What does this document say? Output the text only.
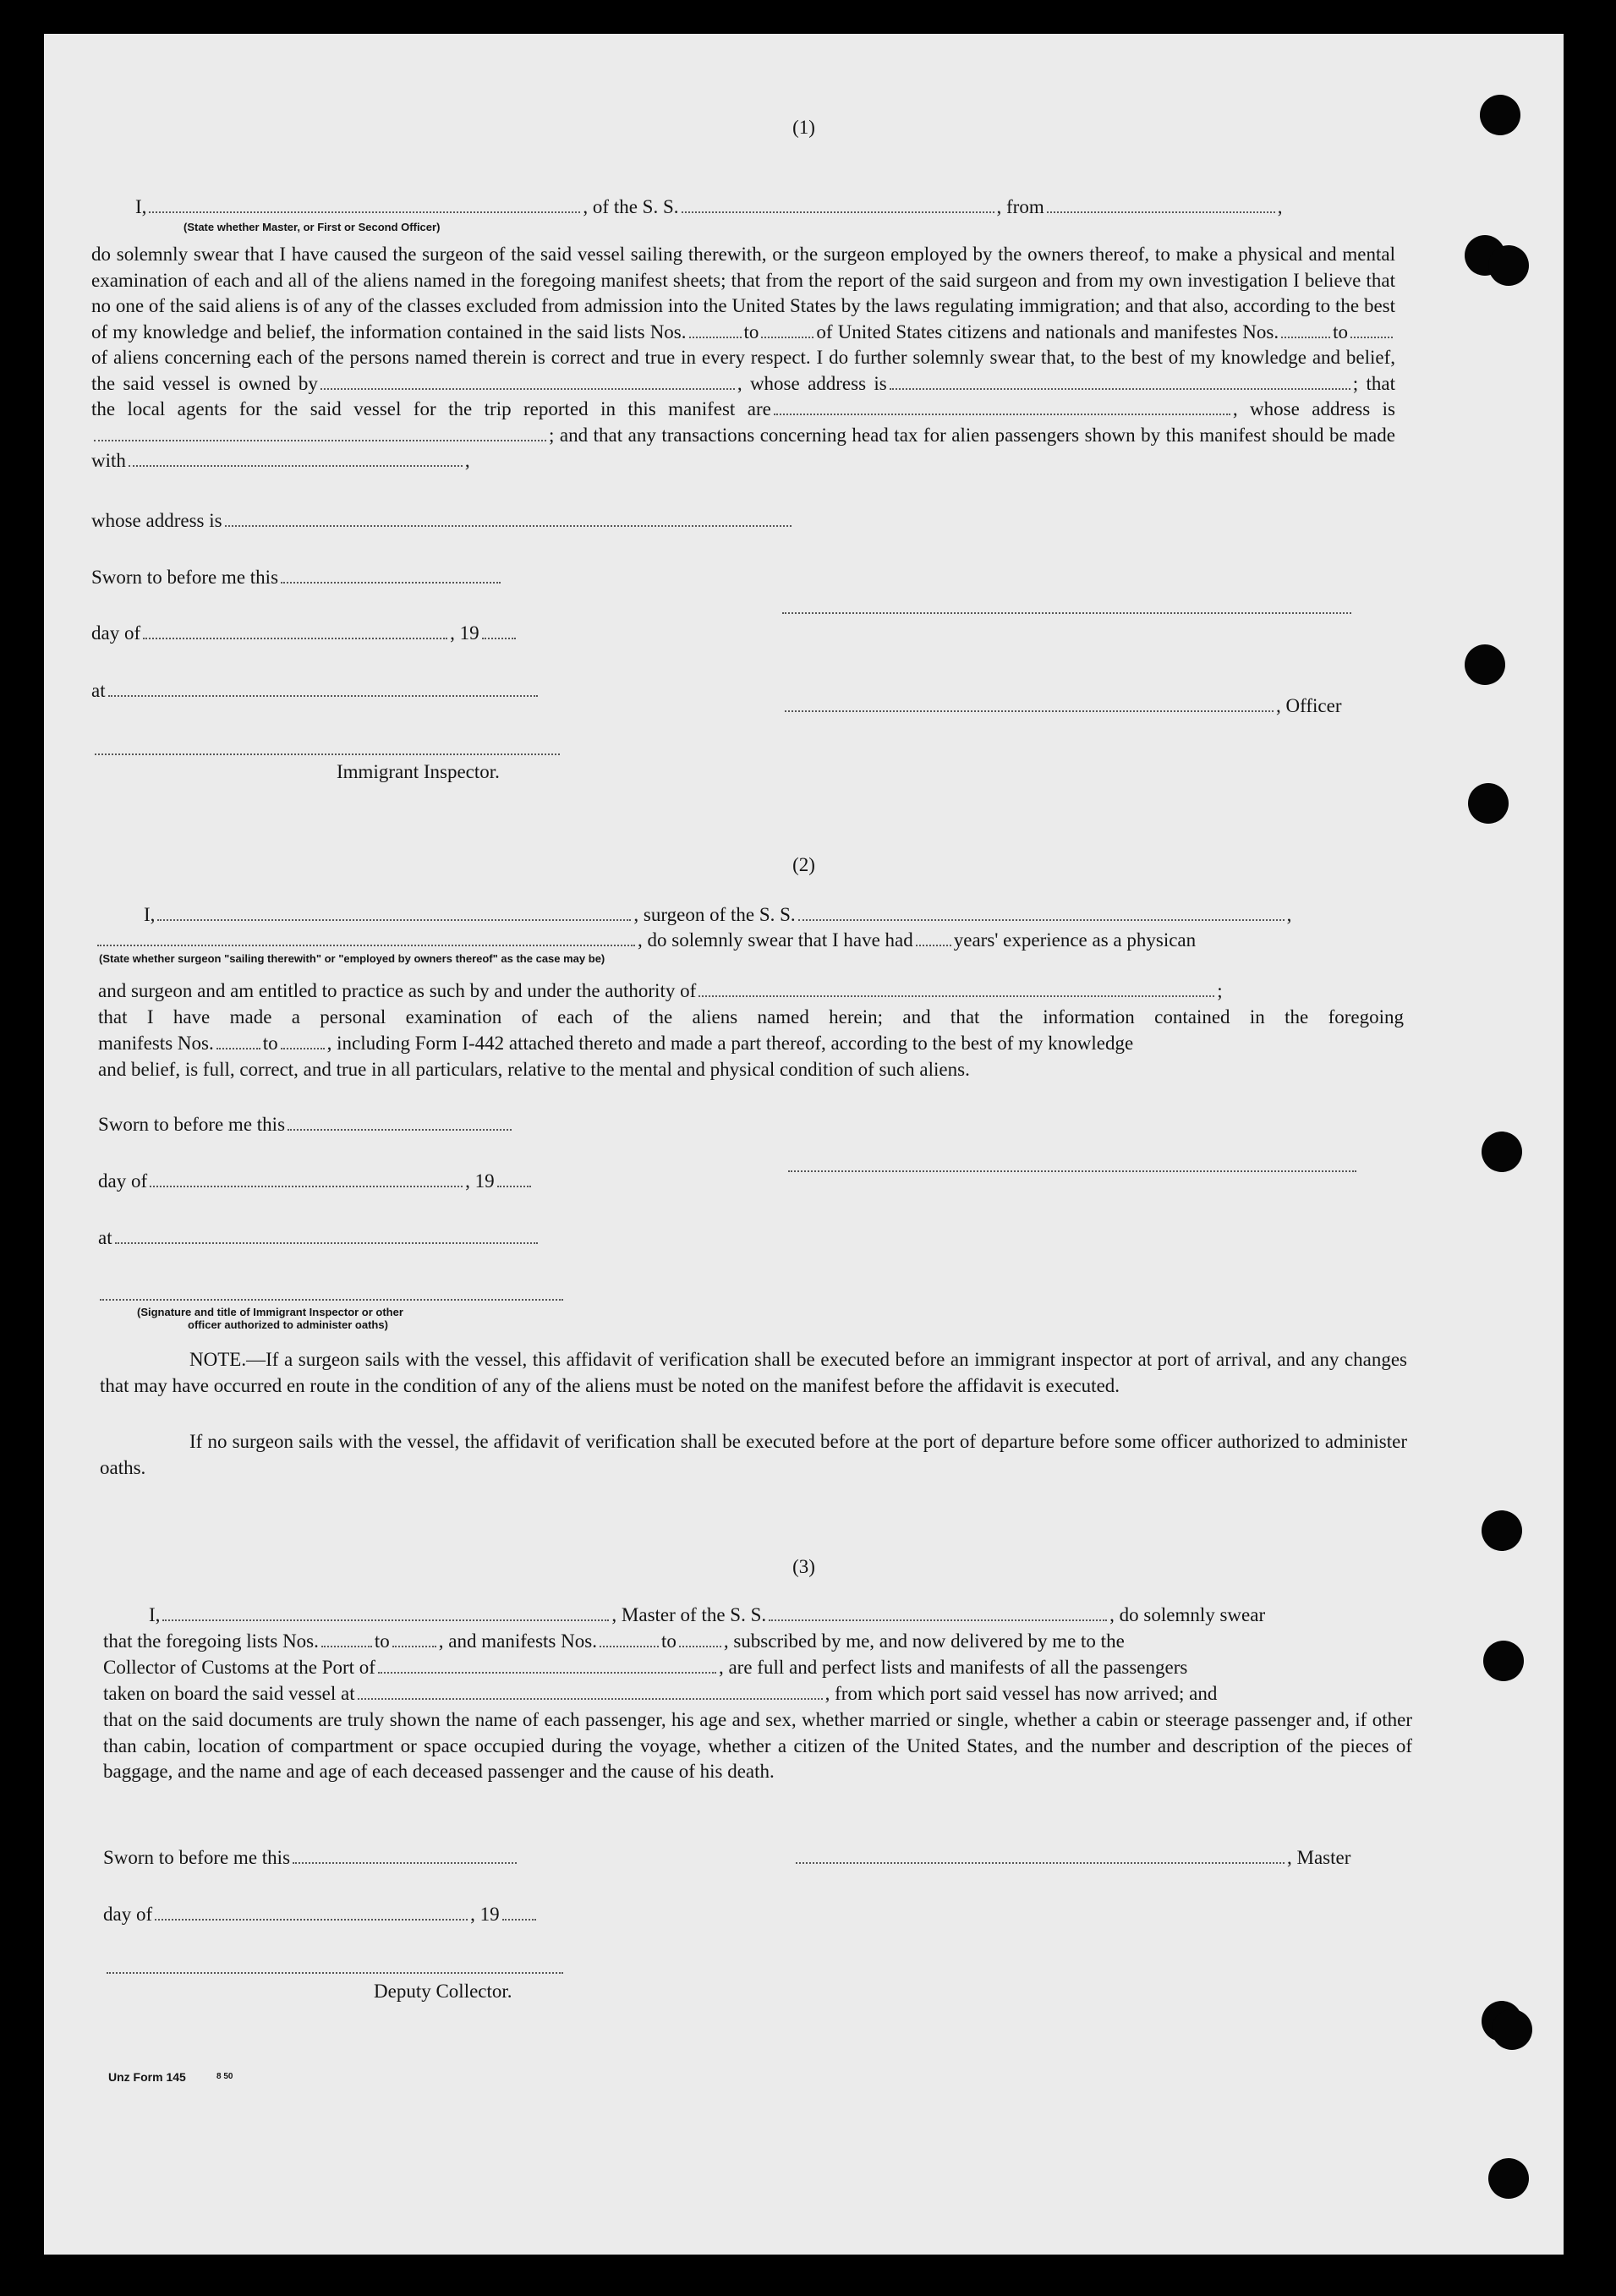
(1)
I,	, of the S. S.	, from	,
(State whether Master, or First or Second Officer)
do solemnly swear that I have caused the surgeon of the said vessel sailing therewith, or the surgeon employed by the owners thereof, to make a physical and mental examination of each and all of the aliens named in the foregoing manifest sheets; that from the report of the said surgeon and from my own investigation I believe that no one of the said aliens is of any of the classes excluded from admission into the United States by the laws regulating immigration; and that also, according to the best of my knowledge and belief, the information contained in the said lists Nos.	to	of United States citizens and nationals and manifestes Nos.	toof aliens concerning each of the persons named therein is correct and true in every respect. I do further solemnly swear that, to the best of my knowledge and belief, the said vessel is owned by	, whose address is	; that the local agents for the said vessel for the trip reported in this manifest are	, whose address is; and that any transactions concerning head tax for alien passengers shown by this manifest should be made with	,
whose address is
Sworn to before me this
day of	, 19
at
, Officer
Immigrant Inspector.
(2)
I,	, surgeon of the S. S.	,
, do solemnly swear that I have had years' experience as a physican
(State whether surgeon "sailing therewith" or "employed by owners thereof" as the case may be)
and surgeon and am entitled to practice as such by and under the authority of	;
that I have made a personal examination of each of the aliens named herein; and that the information contained in the foregoing
manifests Nos.	to	, including Form I-442 attached thereto and made a part thereof, according to the best of my knowledge
and belief, is full, correct, and true in all particulars, relative to the mental and physical condition of such aliens.
Sworn to before me this
day of	, 19
at
(Signature and title of Immigrant Inspector or other
officer authorized to administer oaths)
NOTE.—If a surgeon sails with the vessel, this affidavit of verification shall be executed before an immigrant inspector at port of arrival, and any changes that may have occurred en route in the condition of any of the aliens must be noted on the manifest before the affidavit is executed.
If no surgeon sails with the vessel, the affidavit of verification shall be executed before at the port of departure before some officer authorized to administer oaths.
(3)
I,	, Master of the S. S.	, do solemnly swear
that the foregoing lists Nos.	to	, and manifests Nos.	to , subscribed by me, and now delivered by me to the
Collector of Customs at the Port of	, are full and perfect lists and manifests of all the passengers
taken on board the said vessel at	, from which port said vessel has now arrived; and
that on the said documents are truly shown the name of each passenger, his age and sex, whether married or single, whether a cabin or steerage passenger and, if other than cabin, location of compartment or space occupied during the voyage, whether a citizen of the United States, and the number and description of the pieces of baggage, and the name and age of each deceased passenger and the cause of his death.
Sworn to before me this	, Master
day of	, 19
Deputy Collector.
Unz Form 145	8 50
